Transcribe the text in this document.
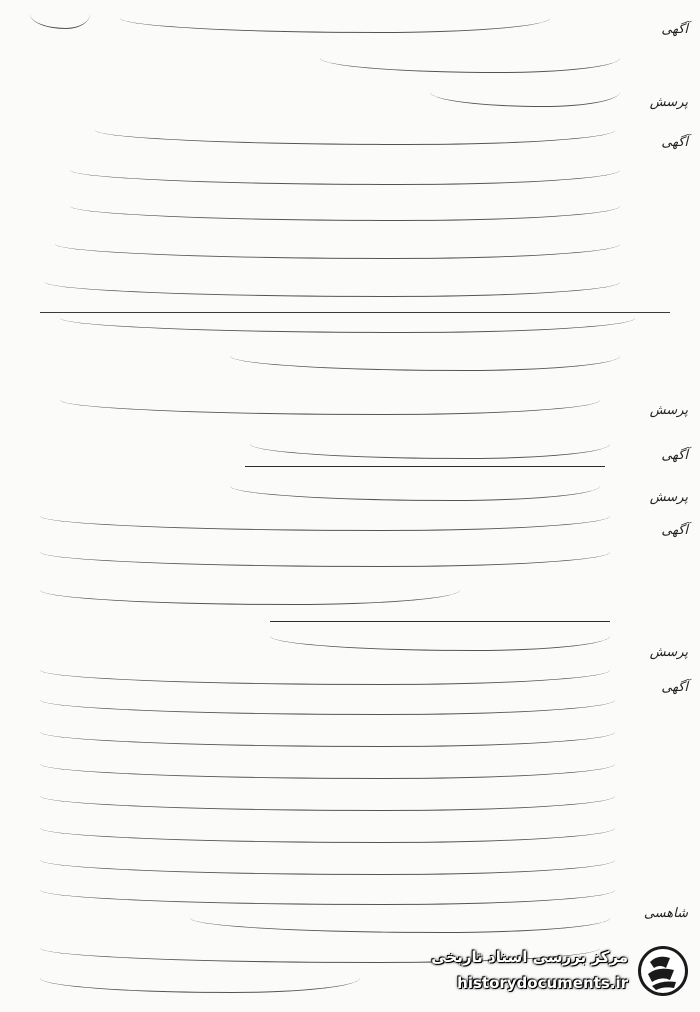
آگهی
پرسش
آگهی
پرسش
آگهی
پرسش
آگهی
پرسش
آگهی
شاهسی
مرکز بررسی اسناد تاریخی
historydocuments.ir
